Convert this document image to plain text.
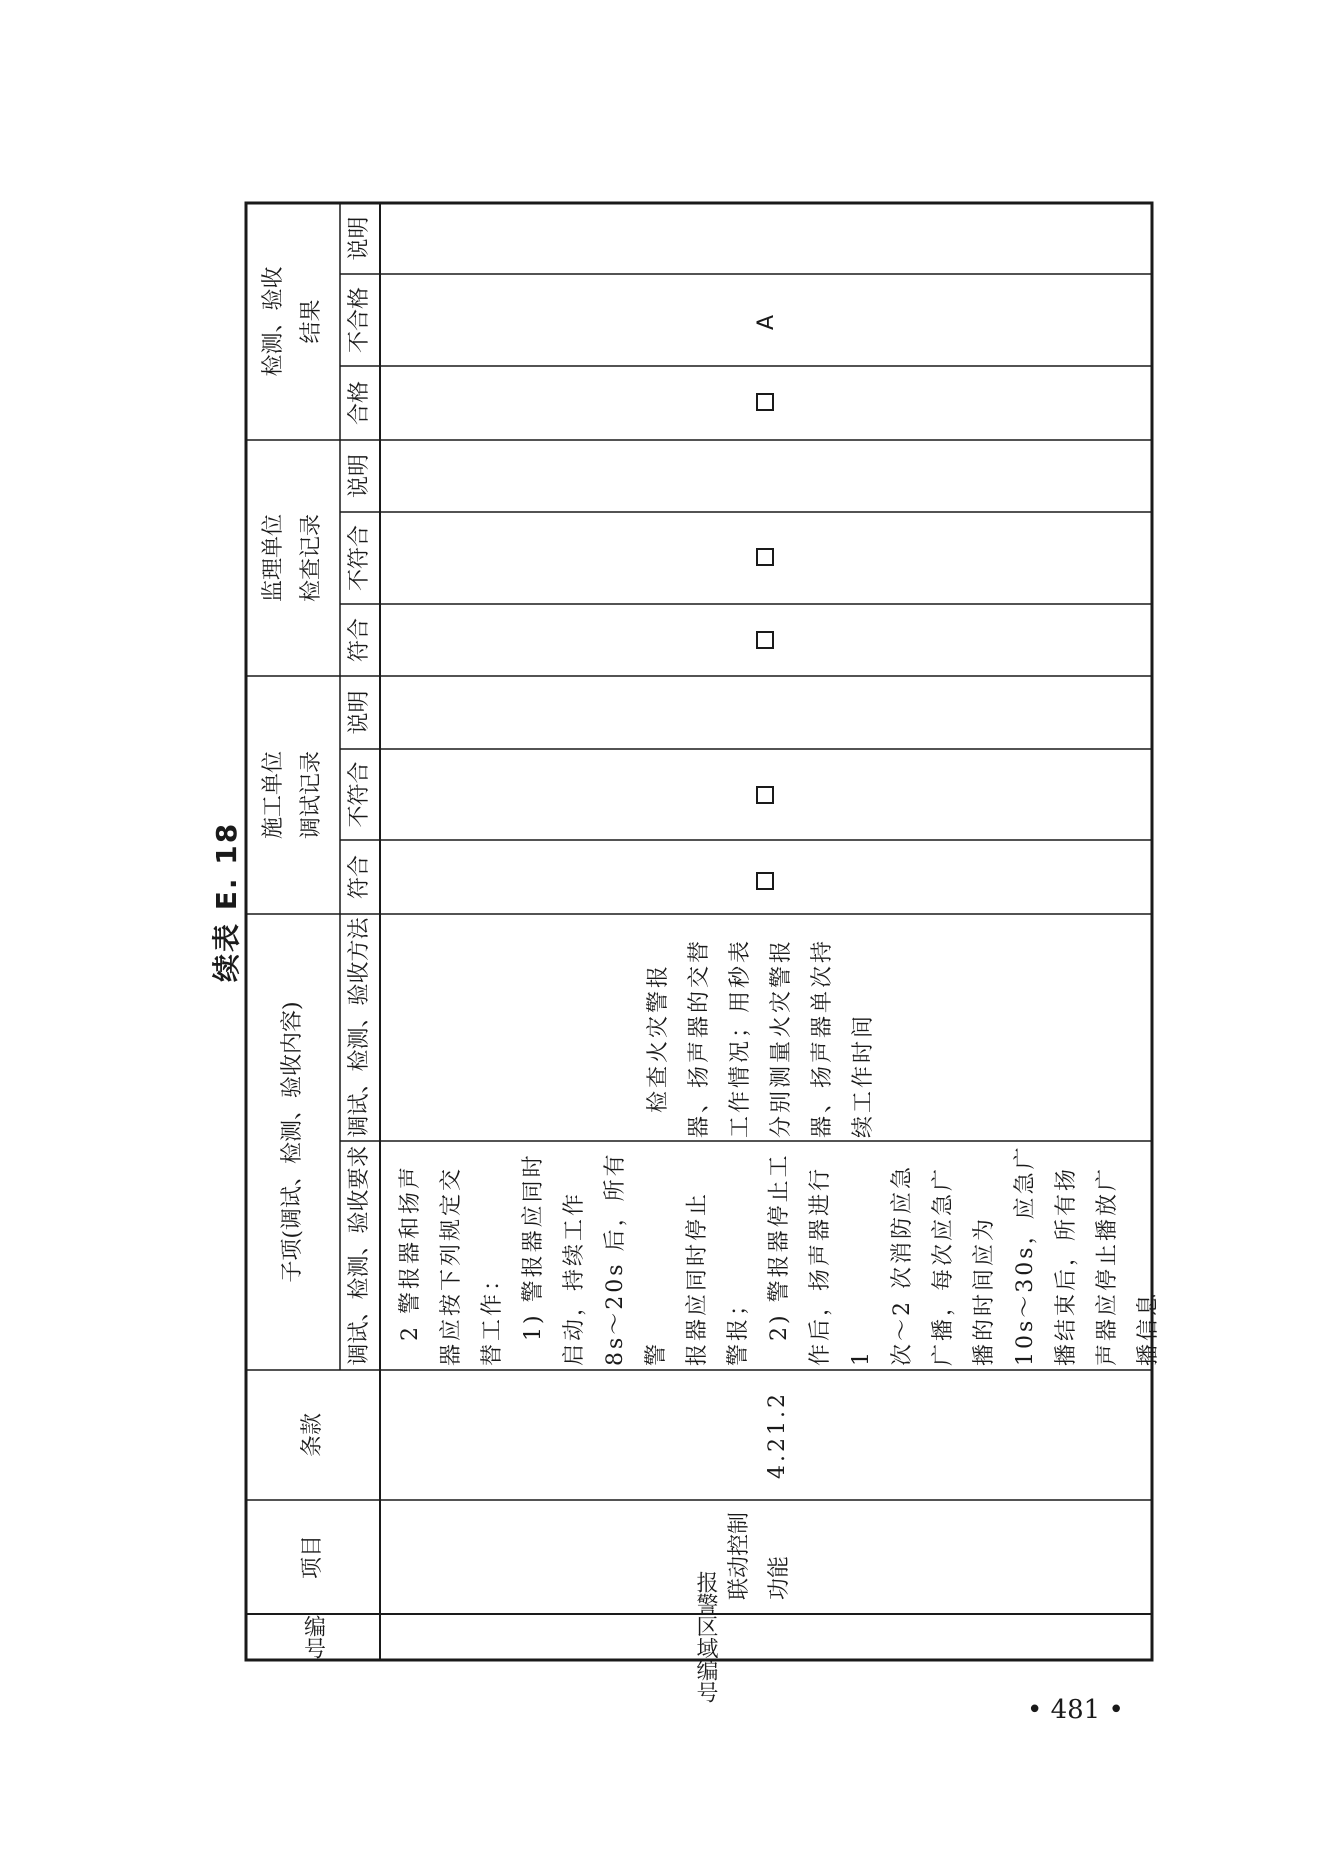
续表 E. 18
编号
项目
条款
子项(调试、检测、验收内容)	调试、检测、验收要求
调试、检测、验收方法
施工单位
调试记录
监理单位
检查记录
检测、验收
结果
符合
不符合
说明
符合
不符合
说明
合格
不合格
说明
报警区域编号
联动控制
功能
4.21.2
　2 警报器和扬声
器应按下列规定交
替工作：
　1) 警报器应同时
启动，持续工作
8s～20s 后，所有警
报器应同时停止
警报；
　2) 警报器停止工
作后，扬声器进行 1
次～2 次消防应急
广播，每次应急广
播的时间应为
10s～30s，应急广
播结束后，所有扬
声器应停止播放广
播信息

　检查火灾警报
器、扬声器的交替
工作情况；用秒表
分别测量火灾警报
器、扬声器单次持
续工作时间
A
• 481 •
